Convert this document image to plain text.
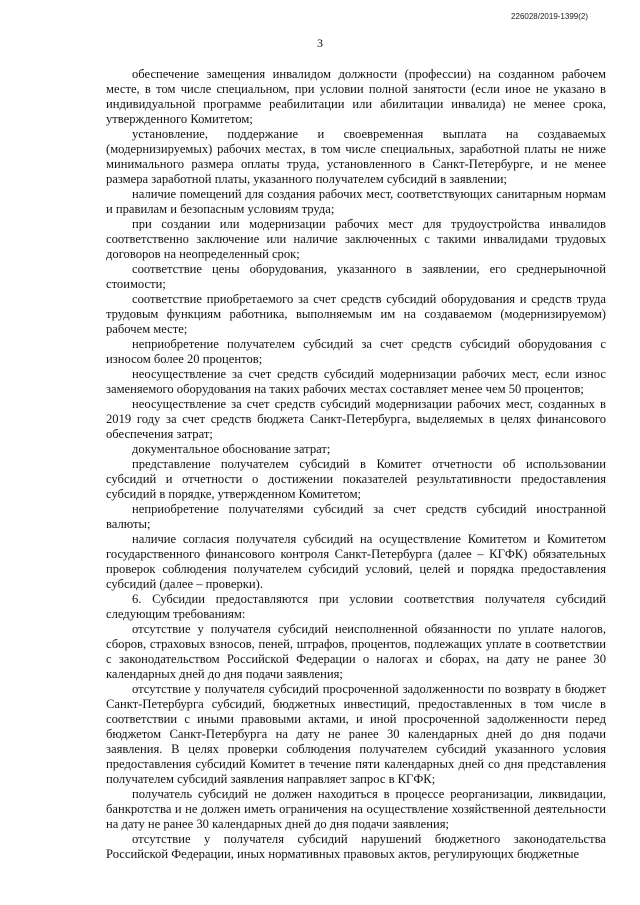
226028/2019-1399(2)
3

обеспечение замещения инвалидом должности (профессии) на созданном рабочем месте, в том числе специальном, при условии полной занятости (если иное не указано в индивидуальной программе реабилитации или абилитации инвалида) не менее срока, утвержденного Комитетом;

установление, поддержание и своевременная выплата на создаваемых (модернизируемых) рабочих местах, в том числе специальных, заработной платы не ниже минимального размера оплаты труда, установленного в Санкт-Петербурге, и не менее размера заработной платы, указанного получателем субсидий в заявлении;

наличие помещений для создания рабочих мест, соответствующих санитарным нормам и правилам и безопасным условиям труда;

при создании или модернизации рабочих мест для трудоустройства инвалидов соответственно заключение или наличие заключенных с такими инвалидами трудовых договоров на неопределенный срок;

соответствие цены оборудования, указанного в заявлении, его среднерыночной стоимости;

соответствие приобретаемого за счет средств субсидий оборудования и средств труда трудовым функциям работника, выполняемым им на создаваемом (модернизируемом) рабочем месте;

неприобретение получателем субсидий за счет средств субсидий оборудования с износом более 20 процентов;

неосуществление за счет средств субсидий модернизации рабочих мест, если износ заменяемого оборудования на таких рабочих местах составляет менее чем 50 процентов;

неосуществление за счет средств субсидий модернизации рабочих мест, созданных в 2019 году за счет средств бюджета Санкт-Петербурга, выделяемых в целях финансового обеспечения затрат;

документальное обоснование затрат;

представление получателем субсидий в Комитет отчетности об использовании субсидий и отчетности о достижении показателей результативности предоставления субсидий в порядке, утвержденном Комитетом;

неприобретение получателями субсидий за счет средств субсидий иностранной валюты;

наличие согласия получателя субсидий на осуществление Комитетом и Комитетом государственного финансового контроля Санкт-Петербурга (далее – КГФК) обязательных проверок соблюдения получателем субсидий условий, целей и порядка предоставления субсидий (далее – проверки).

6. Субсидии предоставляются при условии соответствия получателя субсидий следующим требованиям:

отсутствие у получателя субсидий неисполненной обязанности по уплате налогов, сборов, страховых взносов, пеней, штрафов, процентов, подлежащих уплате в соответствии с законодательством Российской Федерации о налогах и сборах, на дату не ранее 30 календарных дней до дня подачи заявления;

отсутствие у получателя субсидий просроченной задолженности по возврату в бюджет Санкт-Петербурга субсидий, бюджетных инвестиций, предоставленных в том числе в соответствии с иными правовыми актами, и иной просроченной задолженности перед бюджетом Санкт-Петербурга на дату не ранее 30 календарных дней до дня подачи заявления. В целях проверки соблюдения получателем субсидий указанного условия предоставления субсидий Комитет в течение пяти календарных дней со дня представления получателем субсидий заявления направляет запрос в КГФК;

получатель субсидий не должен находиться в процессе реорганизации, ликвидации, банкротства и не должен иметь ограничения на осуществление хозяйственной деятельности на дату не ранее 30 календарных дней до дня подачи заявления;

отсутствие у получателя субсидий нарушений бюджетного законодательства Российской Федерации, иных нормативных правовых актов, регулирующих бюджетные
